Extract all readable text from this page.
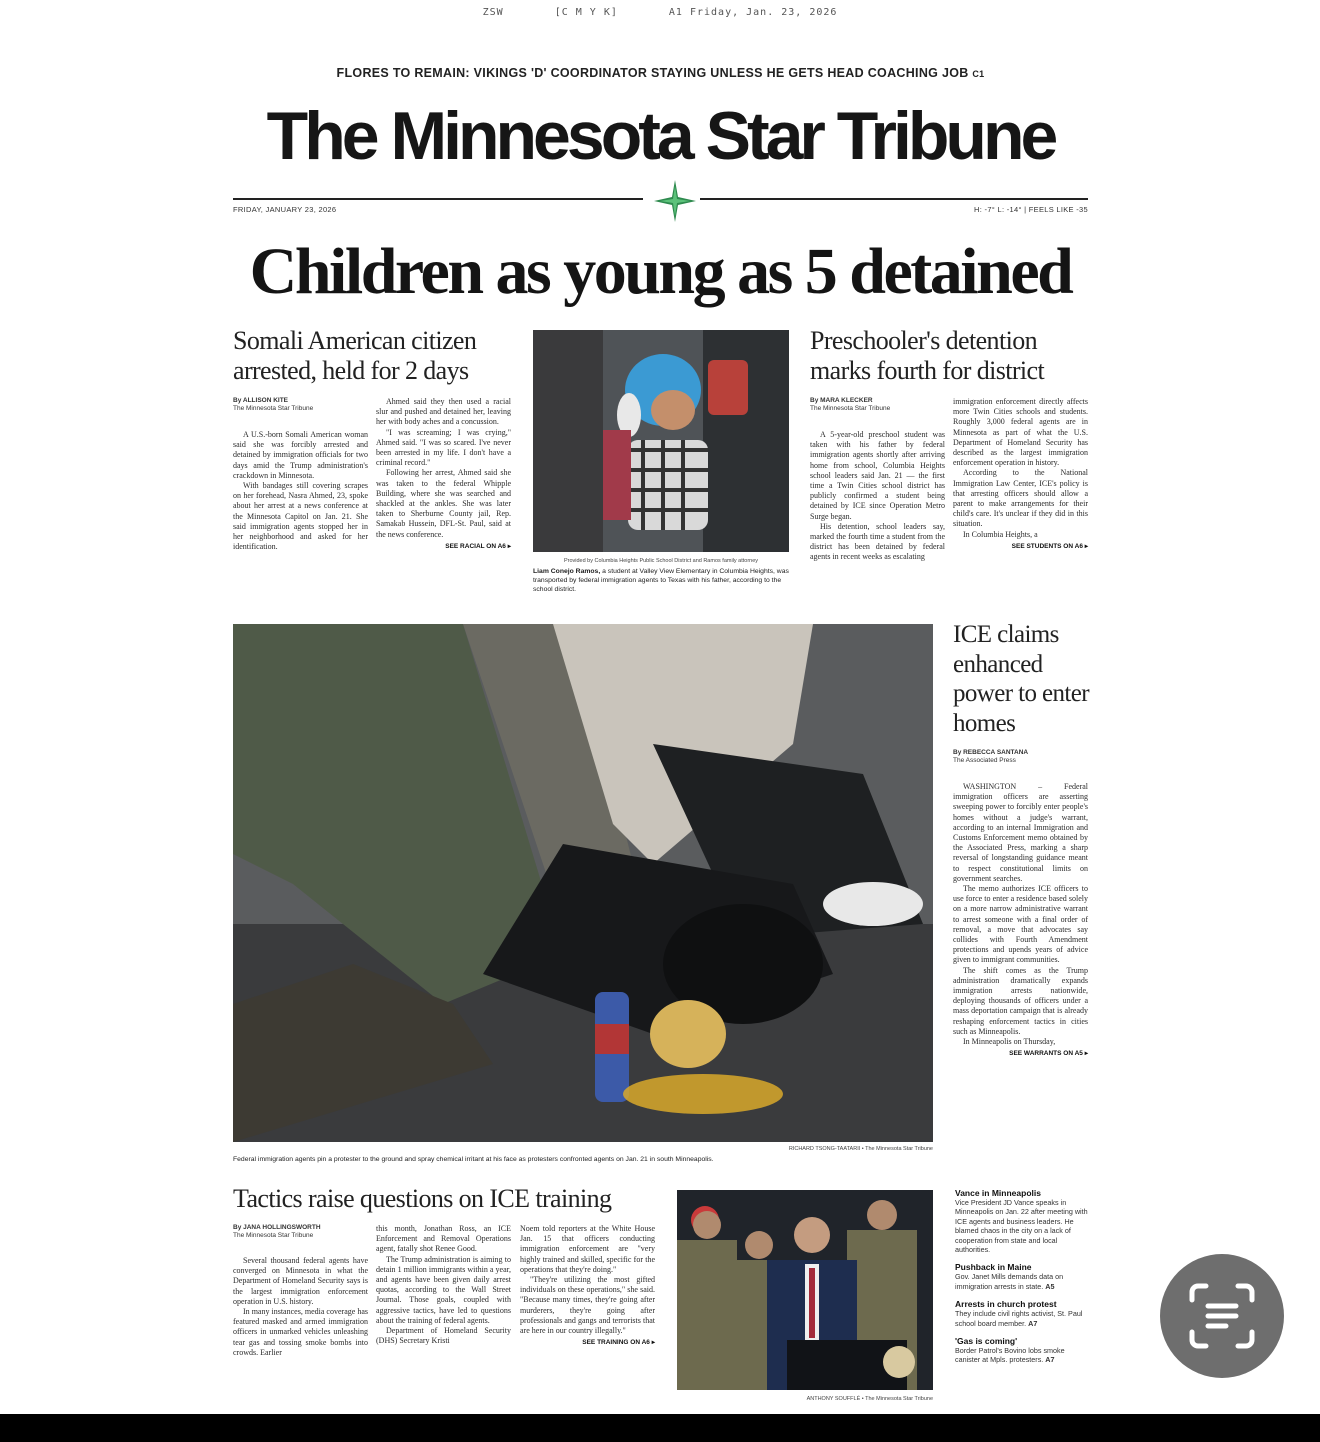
ZSW	[C M Y K]	A1 Friday, Jan. 23, 2026
FLORES TO REMAIN: VIKINGS 'D' COORDINATOR STAYING UNLESS HE GETS HEAD COACHING JOB C1
The Minnesota Star Tribune
FRIDAY, JANUARY 23, 2026	H: -7° L: -14° | FEELS LIKE -35
Children as young as 5 detained
Somali American citizen arrested, held for 2 days
By ALLISON KITE
The Minnesota Star Tribune

A U.S.-born Somali American woman said she was forcibly arrested and detained by immigration officials for two days amid the Trump administration's crackdown in Minnesota.

With bandages still covering scrapes on her forehead, Nasra Ahmed, 23, spoke about her arrest at a news conference at the Minnesota Capitol on Jan. 21. She said immigration agents stopped her in her neighborhood and asked for her identification.

Ahmed said they then used a racial slur and pushed and detained her, leaving her with body aches and a concussion.

"I was screaming; I was crying," Ahmed said. "I was so scared. I've never been arrested in my life. I don't have a criminal record."

Following her arrest, Ahmed said she was taken to the federal Whipple Building, where she was searched and shackled at the ankles. She was later taken to Sherburne County jail, Rep. Samakab Hussein, DFL-St. Paul, said at the news conference.

SEE RACIAL ON A6 ▸
Provided by Columbia Heights Public School District and Ramos family attorney
Liam Conejo Ramos, a student at Valley View Elementary in Columbia Heights, was transported by federal immigration agents to Texas with his father, according to the school district.
Preschooler's detention marks fourth for district
By MARA KLECKER
The Minnesota Star Tribune

A 5-year-old preschool student was taken with his father by federal immigration agents shortly after arriving home from school, Columbia Heights school leaders said Jan. 21 — the first time a Twin Cities school district has publicly confirmed a student being detained by ICE since Operation Metro Surge began.

His detention, school leaders say, marked the fourth time a student from the district has been detained by federal agents in recent weeks as escalating

immigration enforcement directly affects more Twin Cities schools and students. Roughly 3,000 federal agents are in Minnesota as part of what the U.S. Department of Homeland Security has described as the largest immigration enforcement operation in history.

According to the National Immigration Law Center, ICE's policy is that arresting officers should allow a parent to make arrangements for their child's care. It's unclear if they did in this situation.

In Columbia Heights, a

SEE STUDENTS ON A6 ▸
RICHARD TSONG-TAATARII • The Minnesota Star Tribune
Federal immigration agents pin a protester to the ground and spray chemical irritant at his face as protesters confronted agents on Jan. 21 in south Minneapolis.
ICE claims enhanced power to enter homes
By REBECCA SANTANA
The Associated Press

WASHINGTON – Federal immigration officers are asserting sweeping power to forcibly enter people's homes without a judge's warrant, according to an internal Immigration and Customs Enforcement memo obtained by the Associated Press, marking a sharp reversal of longstanding guidance meant to respect constitutional limits on government searches.

The memo authorizes ICE officers to use force to enter a residence based solely on a more narrow administrative warrant to arrest someone with a final order of removal, a move that advocates say collides with Fourth Amendment protections and upends years of advice given to immigrant communities.

The shift comes as the Trump administration dramatically expands immigration arrests nationwide, deploying thousands of officers under a mass deportation campaign that is already reshaping enforcement tactics in cities such as Minneapolis.

In Minneapolis on Thursday,

SEE WARRANTS ON A5 ▸
Tactics raise questions on ICE training
By JANA HOLLINGSWORTH
The Minnesota Star Tribune

Several thousand federal agents have converged on Minnesota in what the Department of Homeland Security says is the largest immigration enforcement operation in U.S. history.

In many instances, media coverage has featured masked and armed immigration officers in unmarked vehicles unleashing tear gas and tossing smoke bombs into crowds. Earlier

this month, Jonathan Ross, an ICE Enforcement and Removal Operations agent, fatally shot Renee Good.

The Trump administration is aiming to detain 1 million immigrants within a year, and agents have been given daily arrest quotas, according to the Wall Street Journal. Those goals, coupled with aggressive tactics, have led to questions about the training of federal agents.

Department of Homeland Security (DHS) Secretary Kristi

Noem told reporters at the White House Jan. 15 that officers conducting immigration enforcement are "very highly trained and skilled, specific for the operations that they're doing."

"They're utilizing the most gifted individuals on these operations," she said. "Because many times, they're going after murderers, they're going after professionals and gangs and terrorists that are here in our country illegally."

SEE TRAINING ON A6 ▸
ANTHONY SOUFFLÉ • The Minnesota Star Tribune
Vance in Minneapolis
Vice President JD Vance speaks in Minneapolis on Jan. 22 after meeting with ICE agents and business leaders. He blamed chaos in the city on a lack of cooperation from state and local authorities.
Pushback in Maine
Gov. Janet Mills demands data on immigration arrests in state. A5
Arrests in church protest
They include civil rights activist, St. Paul school board member. A7
'Gas is coming'
Border Patrol's Bovino lobs smoke canister at Mpls. protesters. A7
